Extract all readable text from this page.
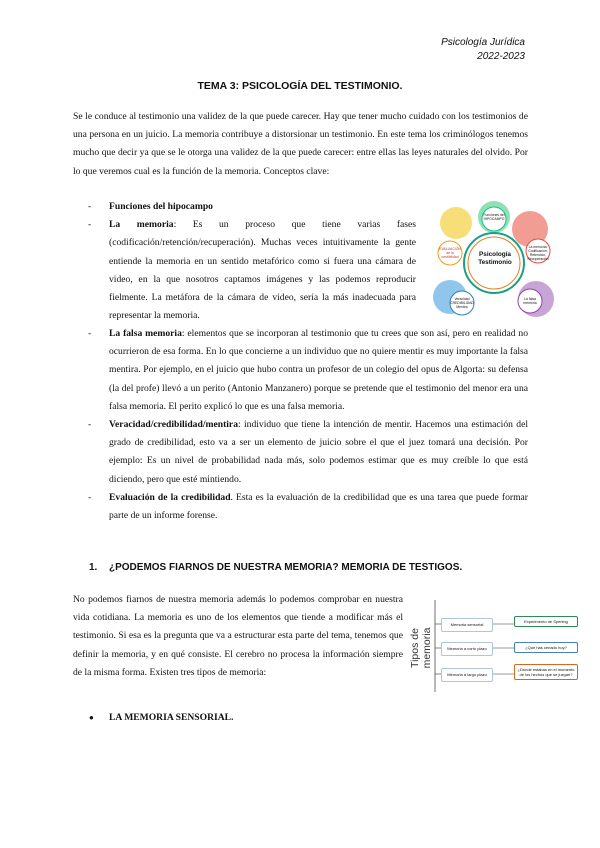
Psicología Jurídica
2022-2023
TEMA 3: PSICOLOGÍA DEL TESTIMONIO.

Se le conduce al testimonio una validez de la que puede carecer. Hay que tener mucho cuidado con los testimonios de una persona en un juicio. La memoria contribuye a distorsionar un testimonio. En este tema los criminólogos tenemos mucho que decir ya que se le otorga una validez de la que puede carecer: entre ellas las leyes naturales del olvido. Por lo que veremos cual es la función de la memoria. Conceptos clave:

- Funciones del hipocampo
- La memoria: Es un proceso que tiene varias fases (codificación/retención/recuperación). Muchas veces intuitivamente la gente entiende la memoria en un sentido metafórico como si fuera una cámara de video, en la que nosotros captamos imágenes y las podemos reproducir fielmente. La metáfora de la cámara de video, sería la más inadecuada para representar la memoria.
- La falsa memoria: elementos que se incorporan al testimonio que tu crees que son así, pero en realidad no ocurrieron de esa forma. En lo que concierne a un individuo que no quiere mentir es muy importante la falsa mentira. Por ejemplo, en el juicio que hubo contra un profesor de un colegio del opus de Algorta: su defensa (la del profe) llevó a un perito (Antonio Manzanero) porque se pretende que el testimonio del menor era una falsa memoria. El perito explicó lo que es una falsa memoria.
- Veracidad/credibilidad/mentira: individuo que tiene la intención de mentir. Hacemos una estimación del grado de credibilidad, esto va a ser un elemento de juicio sobre el que el juez tomará una decisión. Por ejemplo: Es un nivel de probabilidad nada más, solo podemos estimar que es muy creíble lo que está diciendo, pero que esté mintiendo.
- Evaluación de la credibilidad. Esta es la evaluación de la credibilidad que es una tarea que puede formar parte de un informe forense.
Funciones del HIPOCAMPO
La memoria: Codificación, Retención, Recuperación
La falsa memoria
Veracidad CREDIBILIDAD Mentira
EVALUACIÓN de la credibilidad	Psicología Testimonio
1. ¿PODEMOS FIARNOS DE NUESTRA MEMORIA? MEMORIA DE TESTIGOS.

No podemos fiarnos de nuestra memoria además lo podemos comprobar en nuestra vida cotidiana. La memoria es uno de los elementos que tiende a modificar más el testimonio. Si esa es la pregunta que va a estructurar esta parte del tema, tenemos que definir la memoria, y en qué consiste. El cerebro no procesa la información siempre de la misma forma. Existen tres tipos de memoria:

Tipos de memoria
Memoria sensorial
Memoria a corto plazo
Memoria a largo plazo
Experimento de Sperling
¿Qué has cenado hoy?
¿Dónde estabas en el momento de los hechos que se juzgan?
● LA MEMORIA SENSORIAL.
